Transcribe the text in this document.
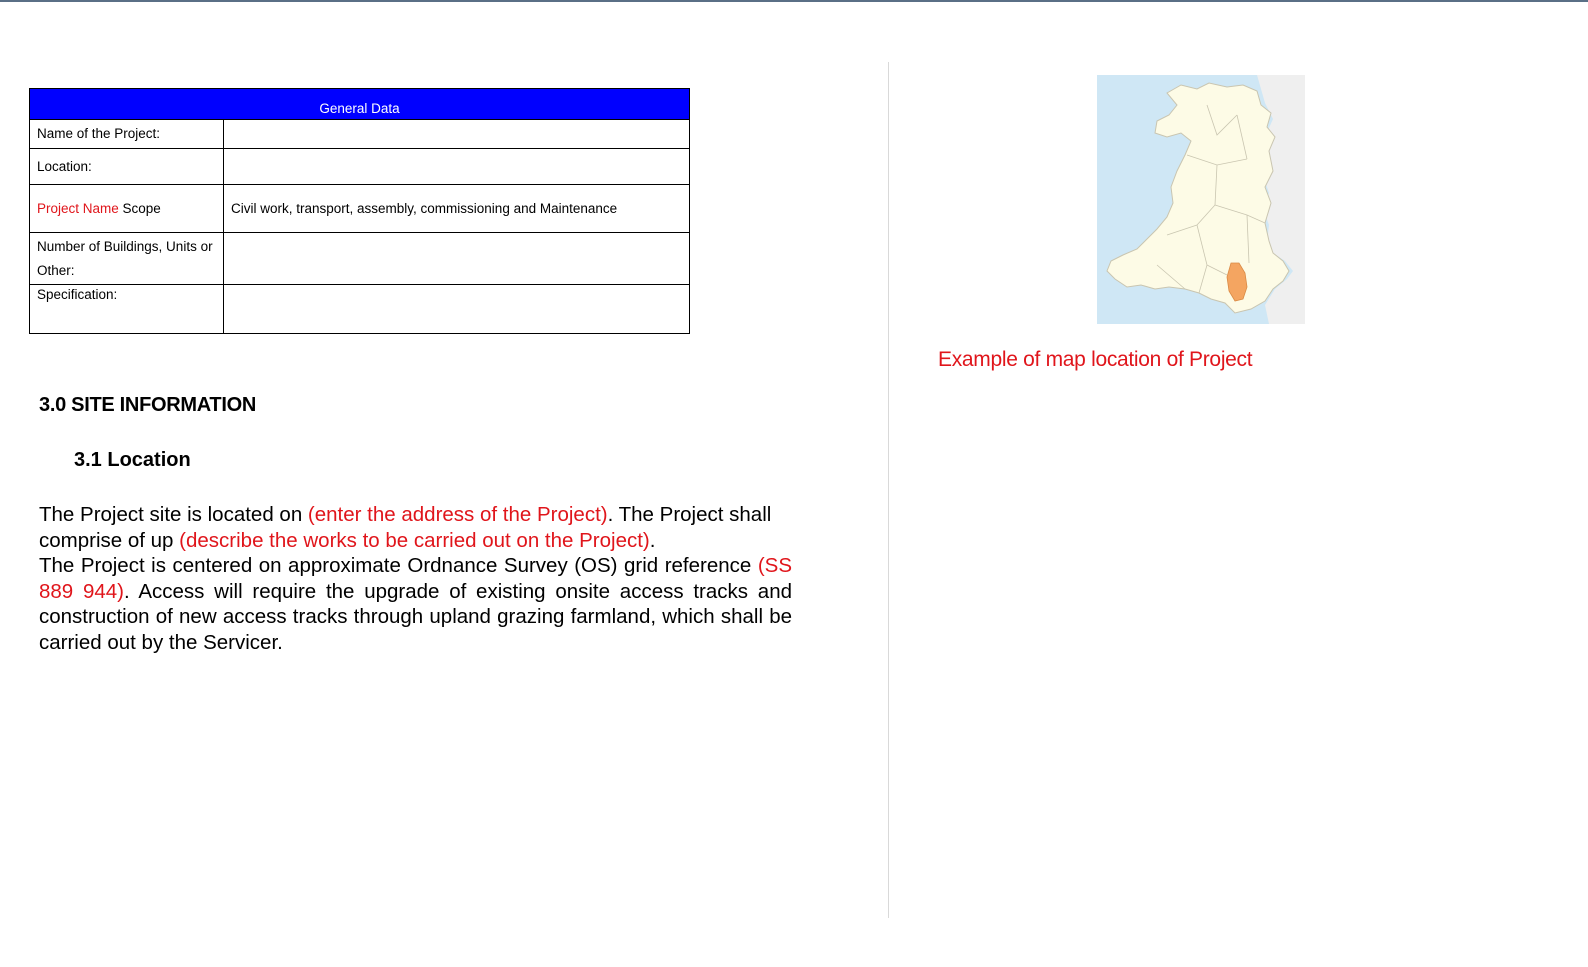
General Data	
Name of the Project:	
Location:	
Project Name Scope	Civil work, transport, assembly, commissioning and Maintenance
Number of Buildings, Units or Other:	
Specification:	
3.0 SITE INFORMATION
3.1 Location

The Project site is located on (enter the address of the Project). The Project shall comprise of up (describe the works to be carried out on the Project).

The Project is centered on approximate Ordnance Survey (OS) grid reference (SS 889 944). Access will require the upgrade of existing onsite access tracks and construction of new access tracks through upland grazing farmland, which shall be carried out by the Servicer.

Example of map location of Project
